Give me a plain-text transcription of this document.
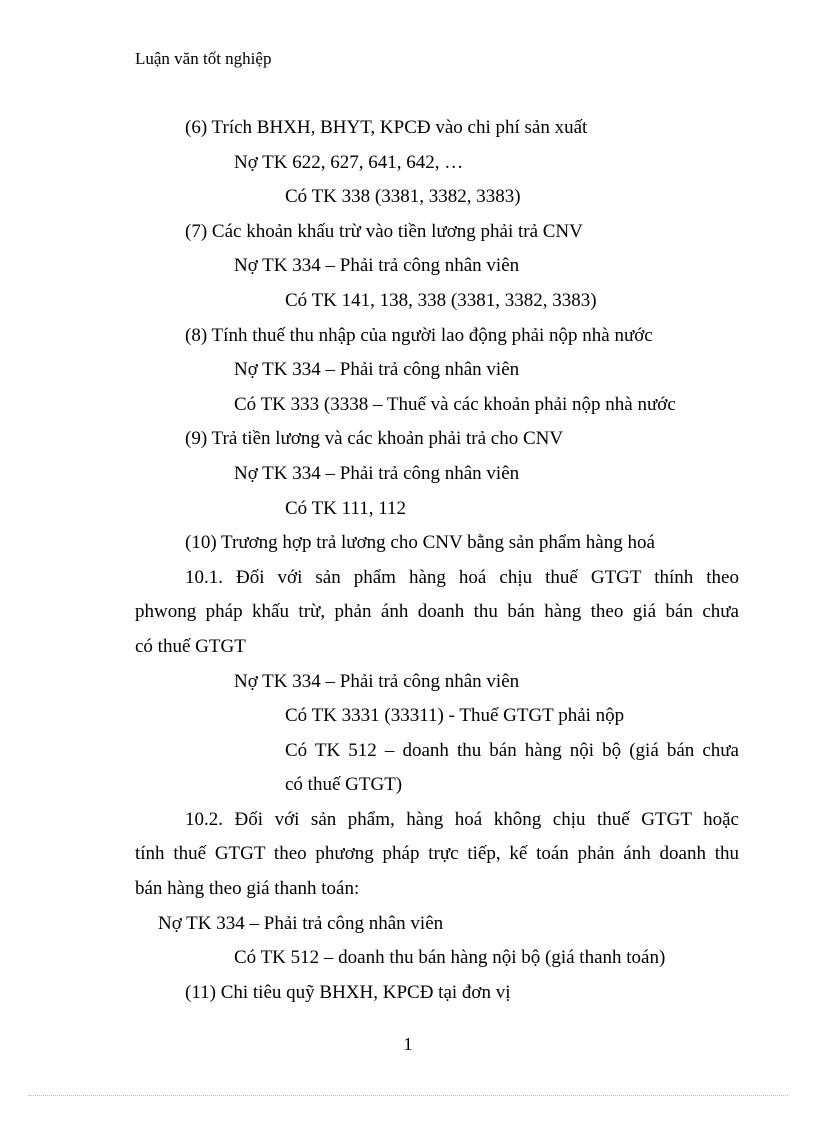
Luận văn tốt nghiệp
(6) Trích BHXH, BHYT, KPCĐ vào chi phí sản xuất
Nợ TK 622, 627, 641, 642, …
Có TK 338 (3381, 3382, 3383)
(7) Các khoản khấu trừ vào tiền lương phải trả CNV
Nợ TK 334 – Phải trả công nhân viên
Có TK 141, 138, 338 (3381, 3382, 3383)
(8) Tính thuế thu nhập của người lao động phải nộp nhà nước
Nợ TK 334 – Phải trả công nhân viên
Có TK 333 (3338 – Thuế và các khoản phải nộp nhà nước
(9) Trả tiền lương và các khoản phải trả cho CNV
Nợ TK 334 – Phải trả công nhân viên
Có TK 111, 112
(10) Trương hợp trả lương cho CNV bằng sản phẩm hàng hoá
10.1. Đối với sản phẩm hàng hoá chịu thuế GTGT thính theo
phwong pháp khấu trừ, phản ánh doanh thu bán hàng theo giá bán chưa
có thuế GTGT
Nợ TK 334 – Phải trả công nhân viên
Có TK 3331 (33311) - Thuế GTGT phải nộp
Có TK 512 – doanh thu bán hàng nội bộ (giá bán chưa
có thuế GTGT)
10.2. Đối với sản phẩm, hàng hoá không chịu thuế GTGT hoặc
tính thuế GTGT theo phương pháp trực tiếp, kế toán phản ánh doanh thu
bán hàng theo giá thanh toán:
Nợ TK 334 – Phải trả công nhân viên
Có TK 512 – doanh thu bán hàng nội bộ (giá thanh toán)
(11) Chi tiêu quỹ BHXH, KPCĐ tại đơn vị
1
